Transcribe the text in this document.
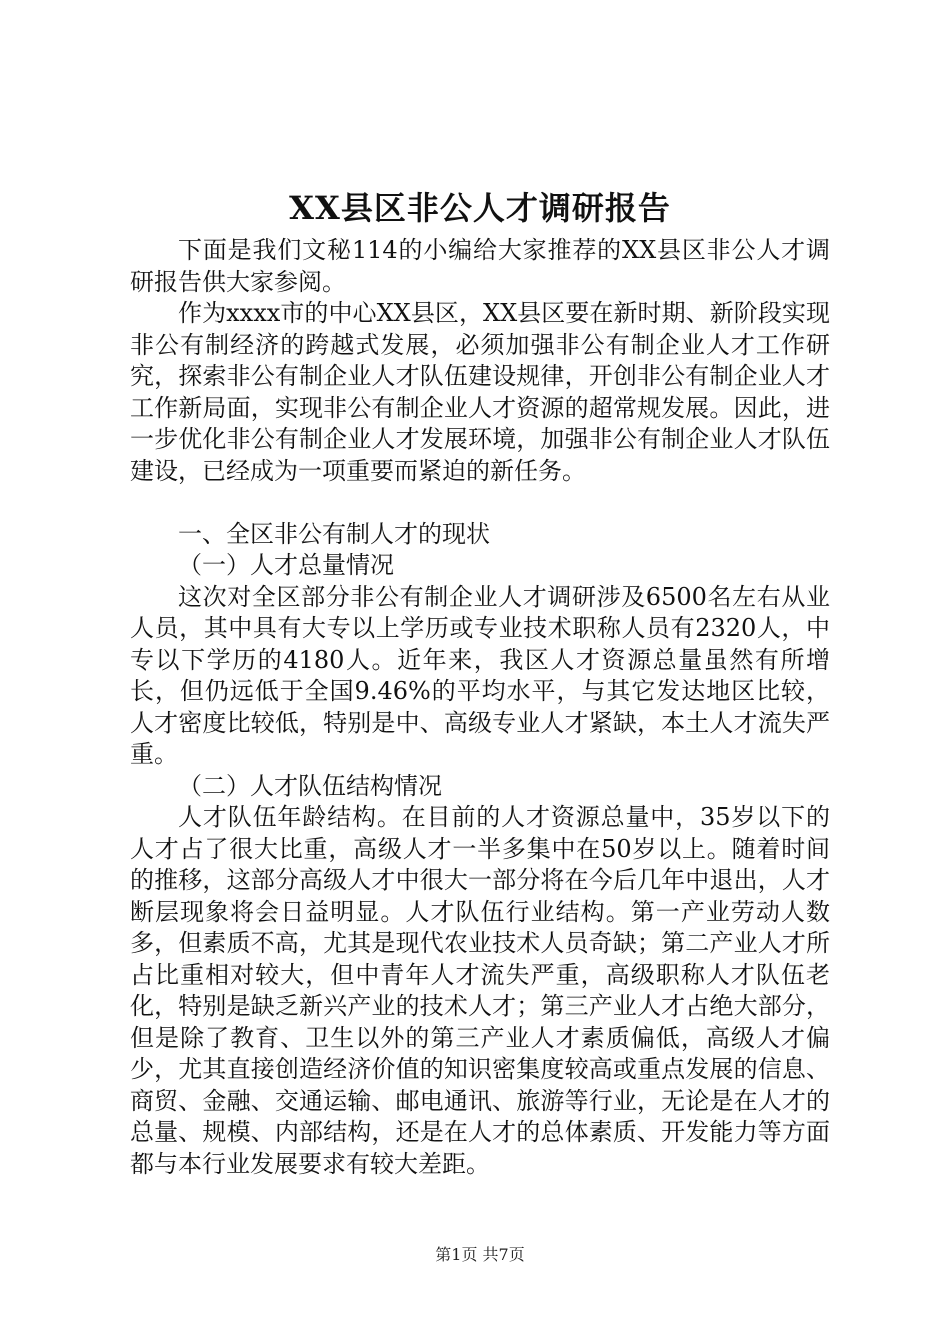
XX县区非公人才调研报告

下面是我们文秘114的小编给大家推荐的XX县区非公人才调研报告供大家参阅。

作为xxxx市的中心XX县区，XX县区要在新时期、新阶段实现非公有制经济的跨越式发展，必须加强非公有制企业人才工作研究，探索非公有制企业人才队伍建设规律，开创非公有制企业人才工作新局面，实现非公有制企业人才资源的超常规发展。因此，进一步优化非公有制企业人才发展环境，加强非公有制企业人才队伍建设，已经成为一项重要而紧迫的新任务。

一、全区非公有制人才的现状

（一）人才总量情况

这次对全区部分非公有制企业人才调研涉及6500名左右从业人员，其中具有大专以上学历或专业技术职称人员有2320人，中专以下学历的4180人。近年来，我区人才资源总量虽然有所增长，但仍远低于全国9.46%的平均水平，与其它发达地区比较，人才密度比较低，特别是中、高级专业人才紧缺，本土人才流失严重。

（二）人才队伍结构情况

人才队伍年龄结构。在目前的人才资源总量中，35岁以下的人才占了很大比重，高级人才一半多集中在50岁以上。随着时间的推移，这部分高级人才中很大一部分将在今后几年中退出，人才断层现象将会日益明显。人才队伍行业结构。第一产业劳动人数多，但素质不高，尤其是现代农业技术人员奇缺；第二产业人才所占比重相对较大，但中青年人才流失严重，高级职称人才队伍老化，特别是缺乏新兴产业的技术人才；第三产业人才占绝大部分，但是除了教育、卫生以外的第三产业人才素质偏低，高级人才偏少，尤其直接创造经济价值的知识密集度较高或重点发展的信息、商贸、金融、交通运输、邮电通讯、旅游等行业，无论是在人才的总量、规模、内部结构，还是在人才的总体素质、开发能力等方面都与本行业发展要求有较大差距。

第1页 共7页
